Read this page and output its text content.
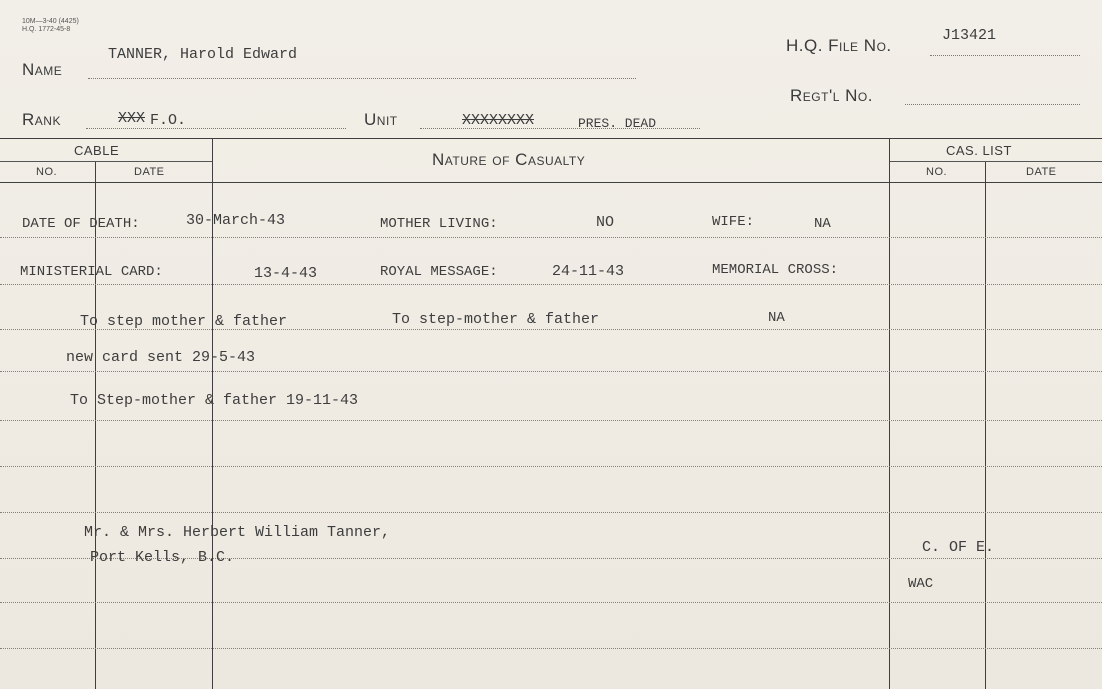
10M—3-40 (4425)
H.Q. 1772-45-8
Name
TANNER, Harold Edward	H.Q. File No.
J13421
Regt'l No.
Rank	XXX F.O.	Unit	XXXXXXXX	PRES. DEAD
CABLE
NO.	DATE
Nature of Casualty	CAS. LIST
NO.	DATE
DATE OF DEATH:	30-March-43	MOTHER LIVING:	NO	WIFE:	NA
MINISTERIAL CARD:	13-4-43	ROYAL MESSAGE:	24-11-43	MEMORIAL CROSS:
To step mother & father	To step-mother & father	NA
new card sent 29-5-43
To Step-mother & father 19-11-43
Mr. & Mrs. Herbert William Tanner,
Port Kells, B.C.
C. OF E.
WAC
